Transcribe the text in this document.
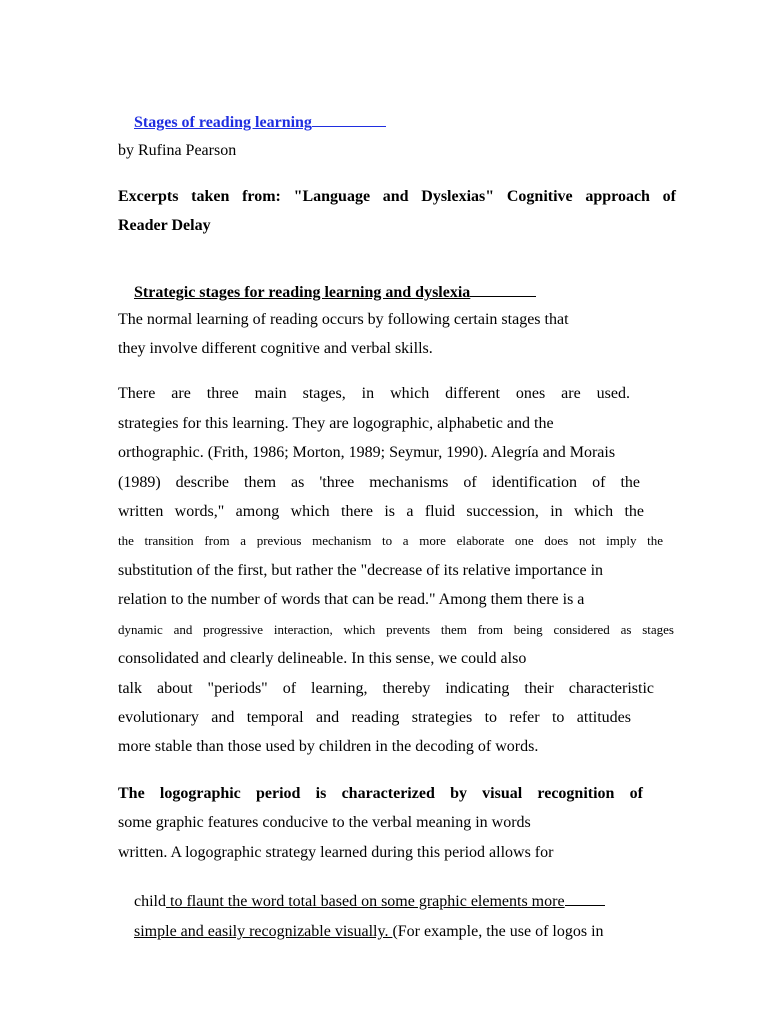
Stages of reading learning

by Rufina Pearson
Excerpts taken from: "Language and Dyslexias" Cognitive approach of
Reader Delay

Strategic stages for reading learning and dyslexia

The normal learning of reading occurs by following certain stages that
they involve different cognitive and verbal skills.
There are three main stages, in which different ones are used.
strategies for this learning. They are logographic, alphabetic and the
orthographic. (Frith, 1986; Morton, 1989; Seymur, 1990). Alegría and Morais
(1989) describe them as 'three mechanisms of identification of the
written words," among which there is a fluid succession, in which the
the transition from a previous mechanism to a more elaborate one does not imply the
substitution of the first, but rather the "decrease of its relative importance in
relation to the number of words that can be read." Among them there is a
dynamic and progressive interaction, which prevents them from being considered as stages
consolidated and clearly delineable. In this sense, we could also
talk about "periods" of learning, thereby indicating their characteristic
evolutionary and temporal and reading strategies to refer to attitudes
more stable than those used by children in the decoding of words.
The logographic period is characterized by visual recognition of
some graphic features conducive to the verbal meaning in words
written. A logographic strategy learned during this period allows for

child to flaunt the word total based on some graphic elements more

simple and easily recognizable visually. (For example, the use of logos in
